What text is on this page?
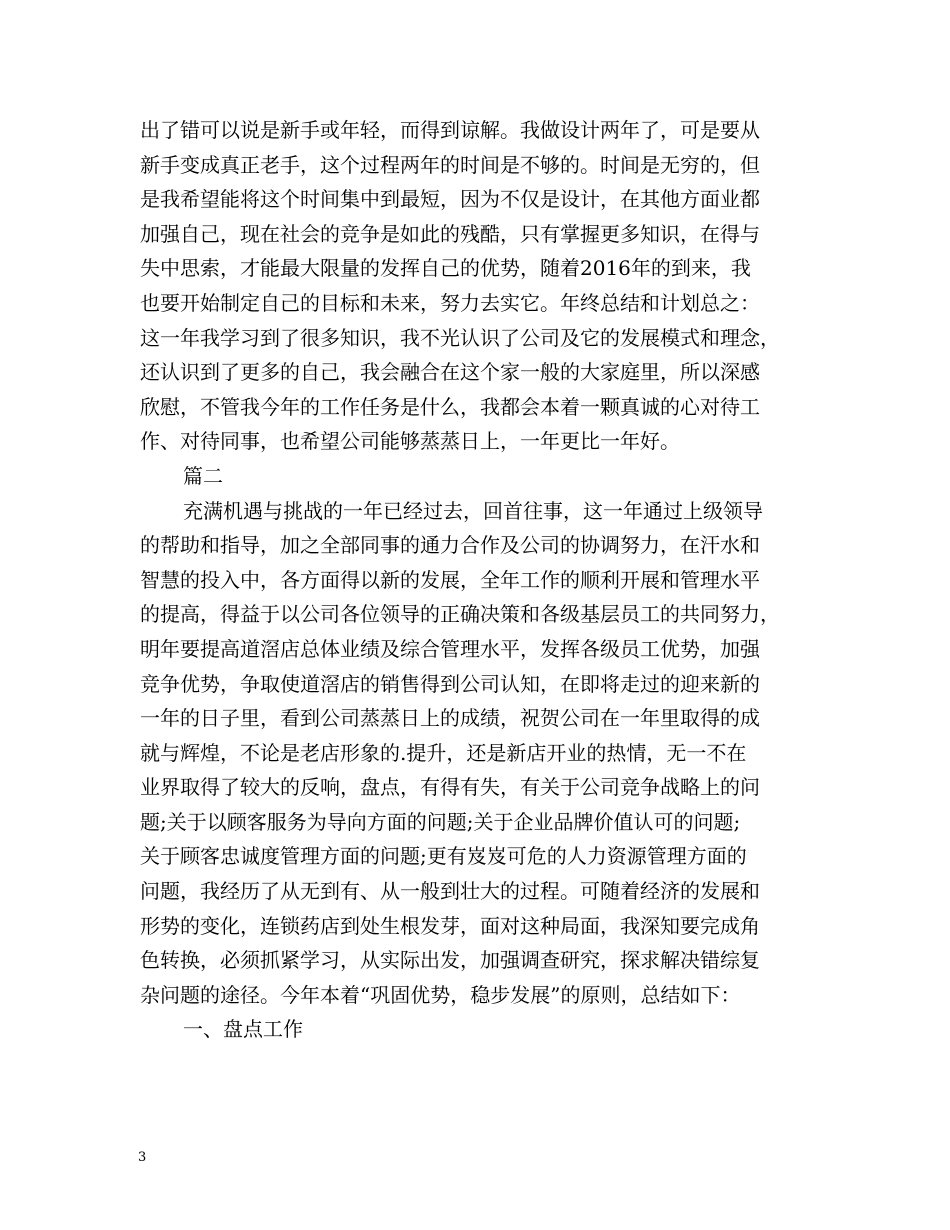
出了错可以说是新手或年轻，而得到谅解。我做设计两年了，可是要从
新手变成真正老手，这个过程两年的时间是不够的。时间是无穷的，但
是我希望能将这个时间集中到最短，因为不仅是设计，在其他方面业都
加强自己，现在社会的竞争是如此的残酷，只有掌握更多知识，在得与
失中思索，才能最大限量的发挥自己的优势，随着2016年的到来，我
也要开始制定自己的目标和未来，努力去实它。年终总结和计划总之：
这一年我学习到了很多知识，我不光认识了公司及它的发展模式和理念，
还认识到了更多的自己，我会融合在这个家一般的大家庭里，所以深感
欣慰，不管我今年的工作任务是什么，我都会本着一颗真诚的心对待工
作、对待同事，也希望公司能够蒸蒸日上，一年更比一年好。
篇二
充满机遇与挑战的一年已经过去，回首往事，这一年通过上级领导
的帮助和指导，加之全部同事的通力合作及公司的协调努力，在汗水和
智慧的投入中，各方面得以新的发展，全年工作的顺利开展和管理水平
的提高，得益于以公司各位领导的正确决策和各级基层员工的共同努力，
明年要提高道滘店总体业绩及综合管理水平，发挥各级员工优势，加强
竞争优势，争取使道滘店的销售得到公司认知，在即将走过的迎来新的
一年的日子里，看到公司蒸蒸日上的成绩，祝贺公司在一年里取得的成
就与辉煌，不论是老店形象的.提升，还是新店开业的热情，无一不在
业界取得了较大的反响，盘点，有得有失，有关于公司竞争战略上的问
题;关于以顾客服务为导向方面的问题;关于企业品牌价值认可的问题;
关于顾客忠诚度管理方面的问题;更有岌岌可危的人力资源管理方面的
问题，我经历了从无到有、从一般到壮大的过程。可随着经济的发展和
形势的变化，连锁药店到处生根发芽，面对这种局面，我深知要完成角
色转换，必须抓紧学习，从实际出发，加强调查研究，探求解决错综复
杂问题的途径。今年本着“巩固优势，稳步发展”的原则，总结如下：
一、盘点工作
3
